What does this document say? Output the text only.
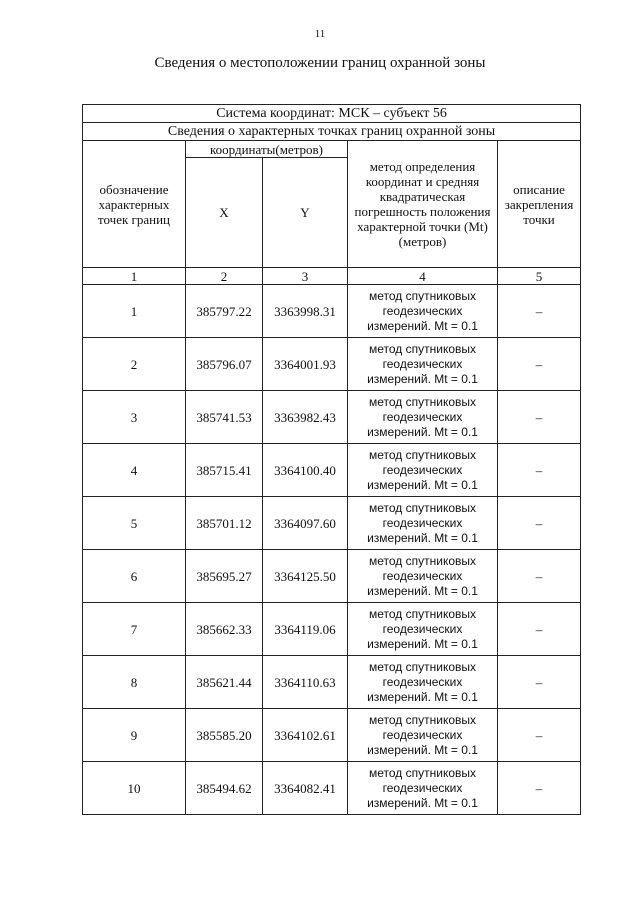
11
Сведения о местоположении границ охранной зоны
Система координат: МСК – субъект 56				
Сведения о характерных точках границ охранной зоны				
обозначение характерных точек границ	координаты(метров)		метод определения координат и средняя квадратическая погрешность положения характерной точки (Mt) (метров)	описание закрепления точки
	X	Y		
1	2	3	4	5
1	385797.22	3363998.31	метод спутниковых геодезических измерений. Mt = 0.1	–
2	385796.07	3364001.93	метод спутниковых геодезических измерений. Mt = 0.1	–
3	385741.53	3363982.43	метод спутниковых геодезических измерений. Mt = 0.1	–
4	385715.41	3364100.40	метод спутниковых геодезических измерений. Mt = 0.1	–
5	385701.12	3364097.60	метод спутниковых геодезических измерений. Mt = 0.1	–
6	385695.27	3364125.50	метод спутниковых геодезических измерений. Mt = 0.1	–
7	385662.33	3364119.06	метод спутниковых геодезических измерений. Mt = 0.1	–
8	385621.44	3364110.63	метод спутниковых геодезических измерений. Mt = 0.1	–
9	385585.20	3364102.61	метод спутниковых геодезических измерений. Mt = 0.1	–
10	385494.62	3364082.41	метод спутниковых геодезических измерений. Mt = 0.1	–
